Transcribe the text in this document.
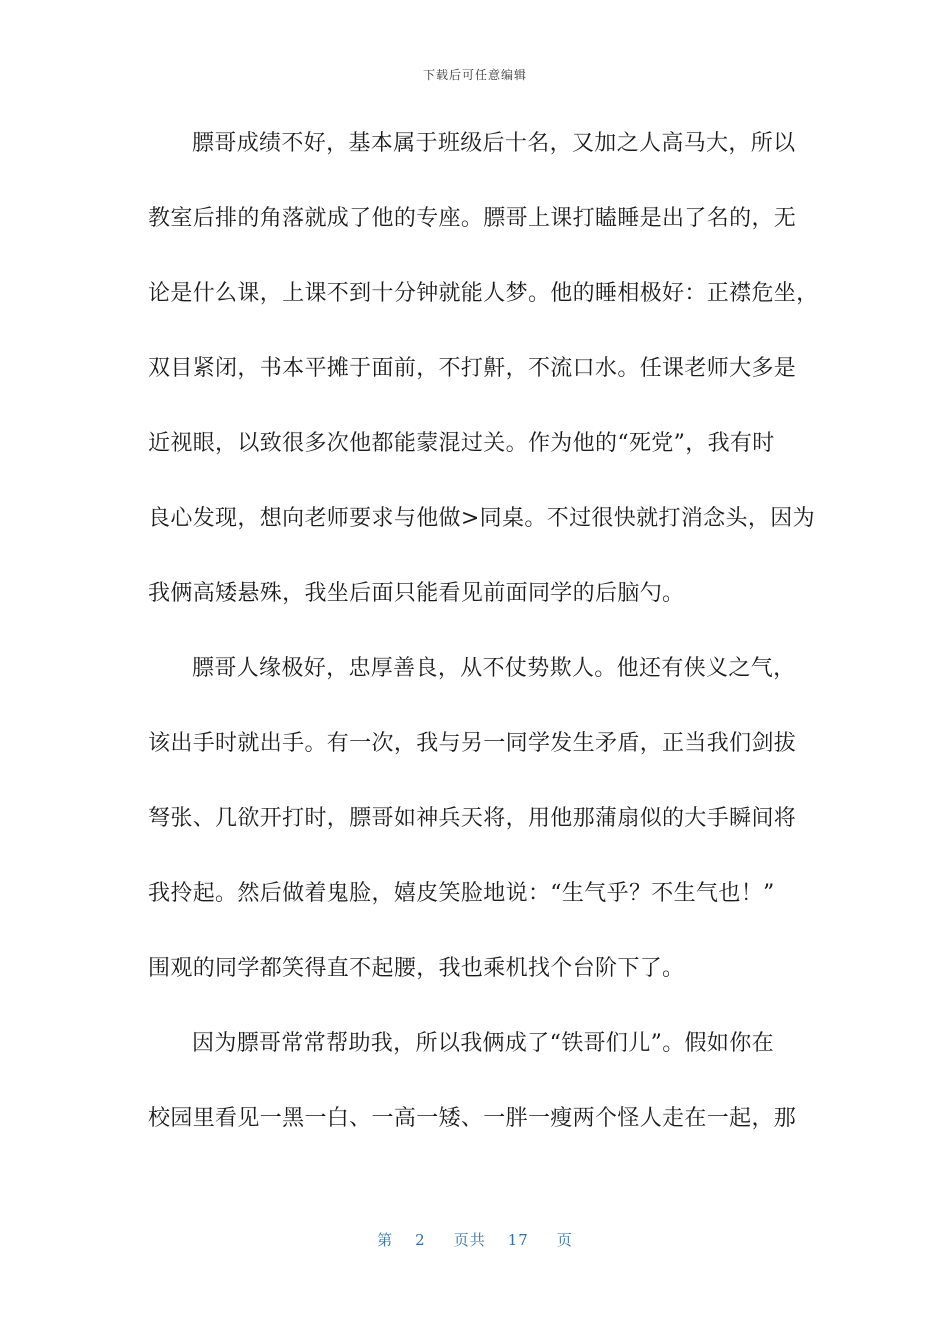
下载后可任意编辑
膘哥成绩不好，基本属于班级后十名，又加之人高马大，所以
教室后排的角落就成了他的专座。膘哥上课打瞌睡是出了名的，无
论是什么课，上课不到十分钟就能人梦。他的睡相极好：正襟危坐，
双目紧闭，书本平摊于面前，不打鼾，不流口水。任课老师大多是
近视眼，以致很多次他都能蒙混过关。作为他的“死党”，我有时
良心发现，想向老师要求与他做>同桌。不过很快就打消念头，因为
我俩高矮悬殊，我坐后面只能看见前面同学的后脑勺。
膘哥人缘极好，忠厚善良，从不仗势欺人。他还有侠义之气，
该出手时就出手。有一次，我与另一同学发生矛盾，正当我们剑拔
弩张、几欲开打时，膘哥如神兵天将，用他那蒲扇似的大手瞬间将
我拎起。然后做着鬼脸，嬉皮笑脸地说：“生气乎？不生气也！”
围观的同学都笑得直不起腰，我也乘机找个台阶下了。
因为膘哥常常帮助我，所以我俩成了“铁哥们儿”。假如你在
校园里看见一黑一白、一高一矮、一胖一瘦两个怪人走在一起，那
第 2 页共 17 页
